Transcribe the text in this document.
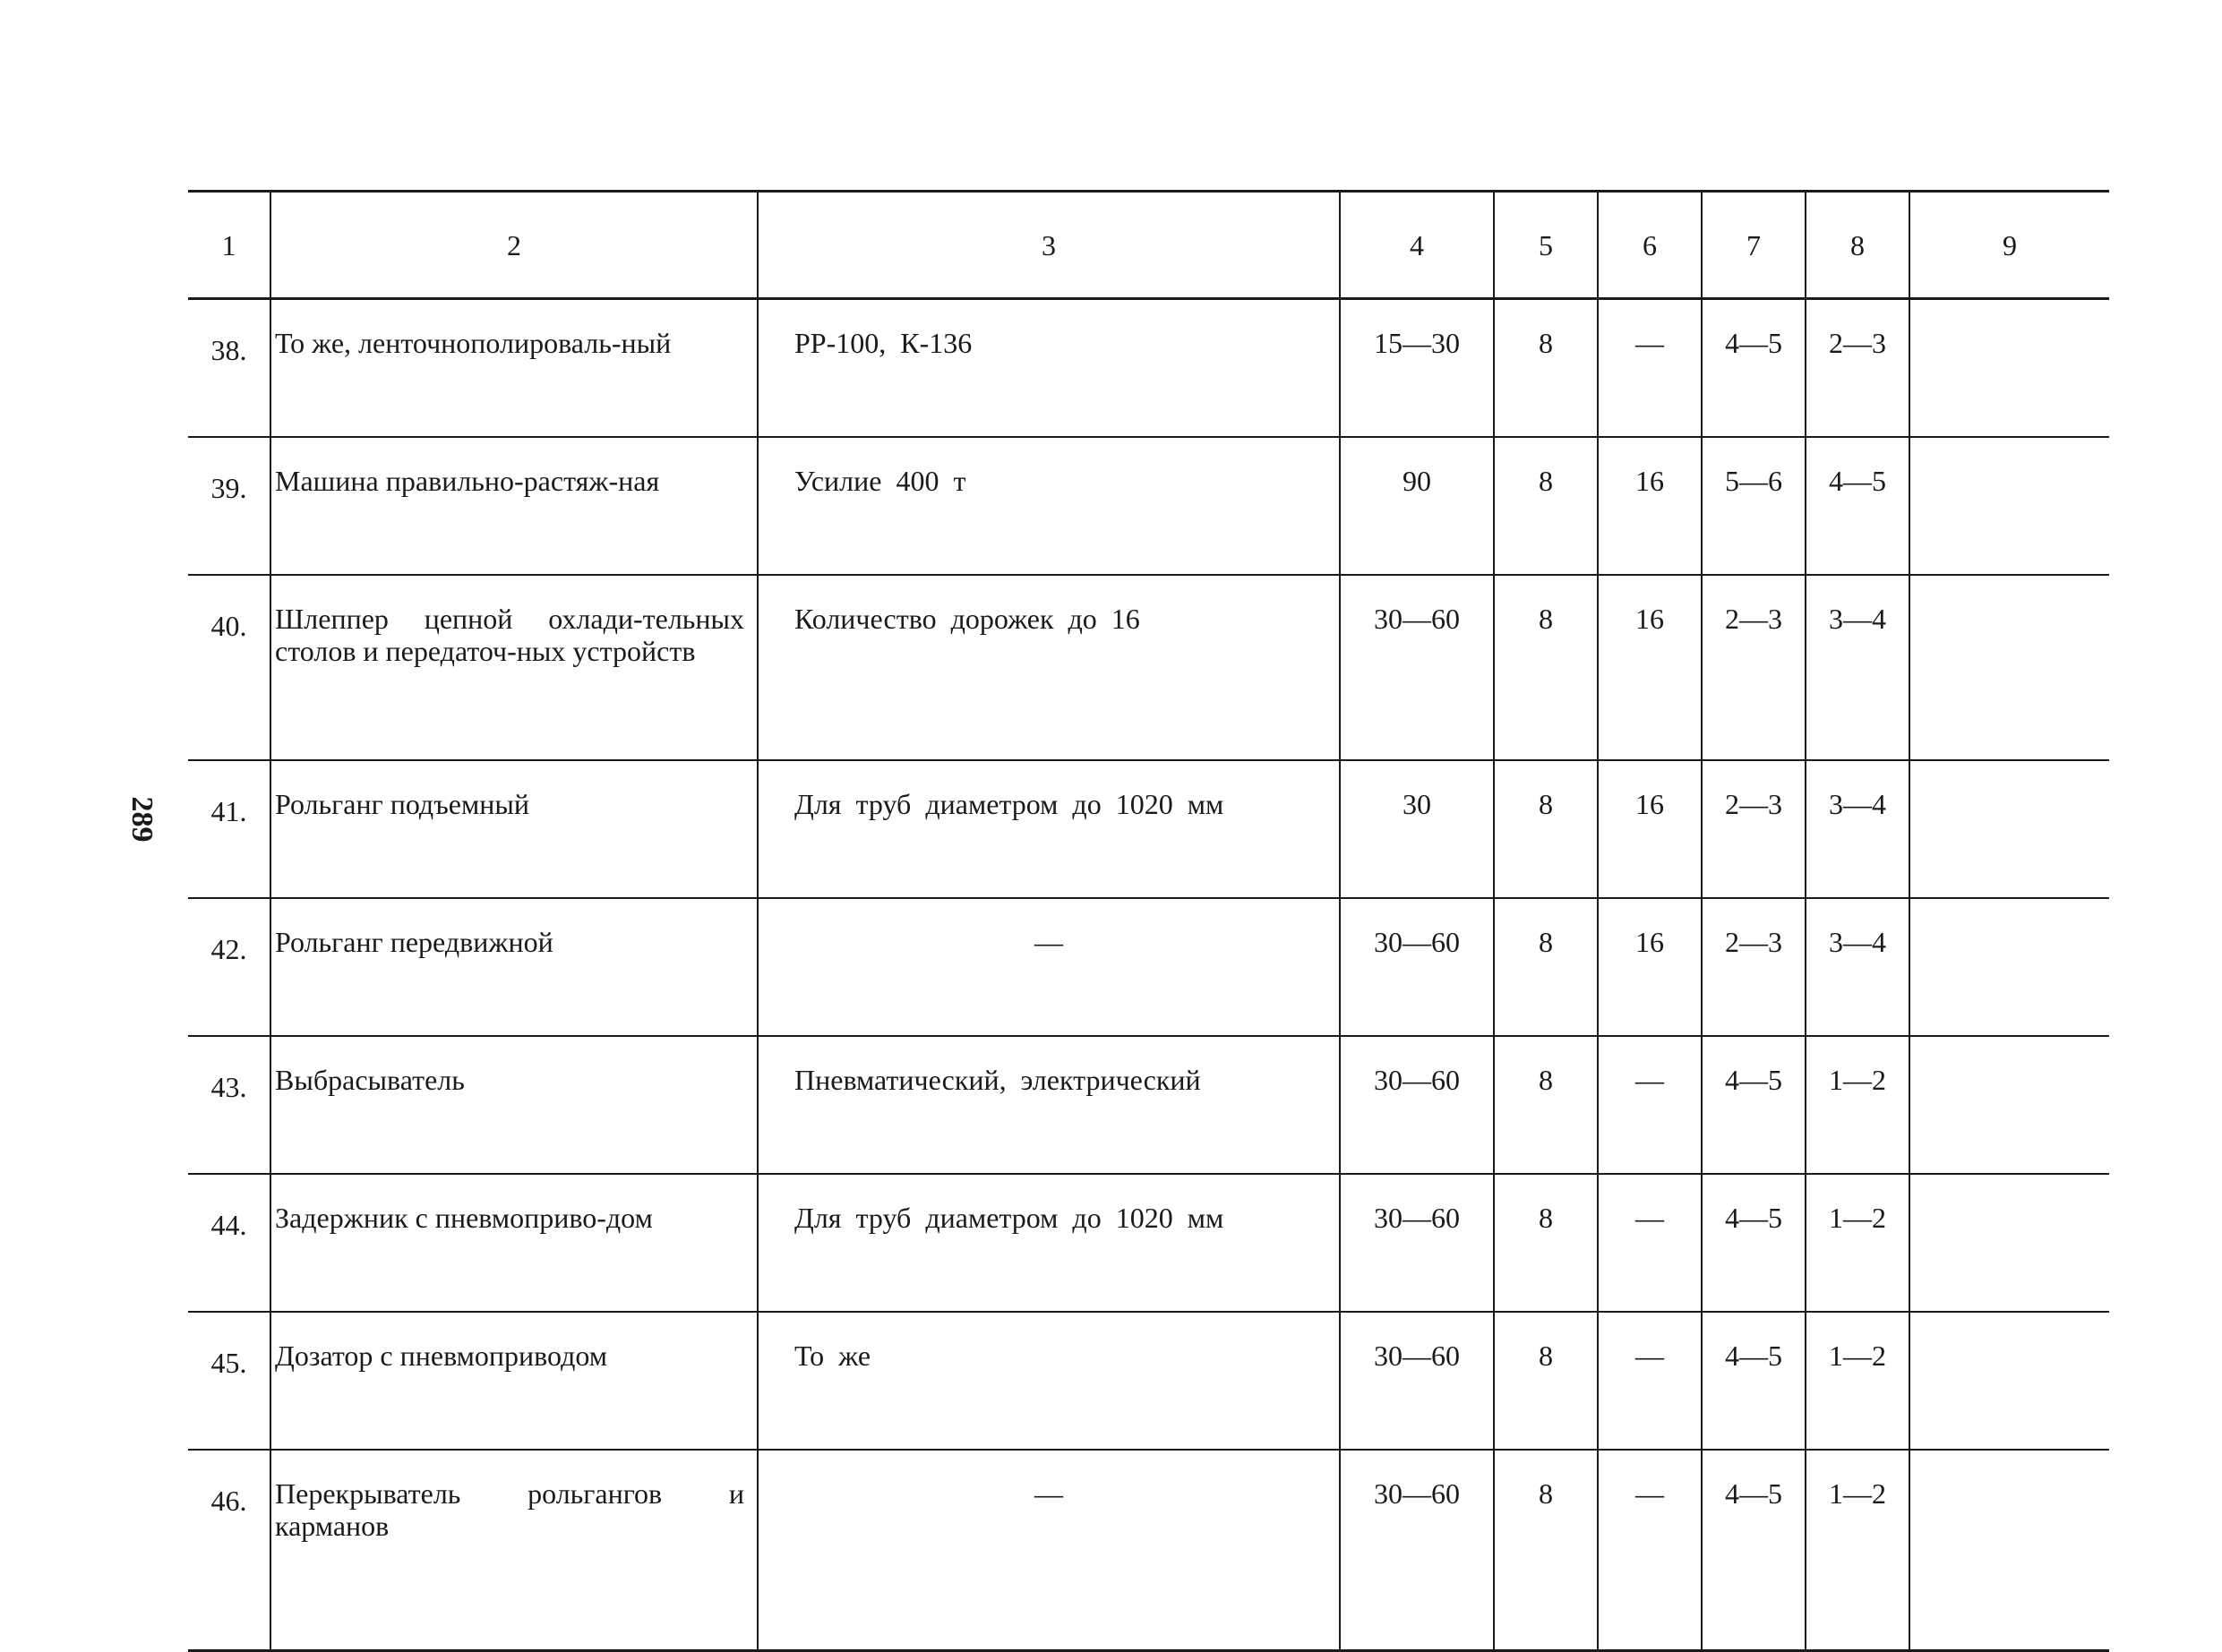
289
1	2	3	4	5	6	7	8	9
38.	То же, ленточнополироваль-ный	РР-100, К-136	15—30	8	—	4—5	2—3	
39.	Машина правильно-растяж-ная	Усилие 400 т	90	8	16	5—6	4—5	
40.	Шлеппер цепной охлади-тельных столов и передаточ-ных устройств	Количество дорожек до 16	30—60	8	16	2—3	3—4	
41.	Рольганг подъемный	Для труб диаметром до 1020 мм	30	8	16	2—3	3—4	
42.	Рольганг передвижной	—	30—60	8	16	2—3	3—4	
43.	Выбрасыватель	Пневматический, электрический	30—60	8	—	4—5	1—2	
44.	Задержник с пневмоприво-дом	Для труб диаметром до 1020 мм	30—60	8	—	4—5	1—2	
45.	Дозатор с пневмоприводом	То же	30—60	8	—	4—5	1—2	
46.	Перекрыватель рольгангов и карманов	—	30—60	8	—	4—5	1—2	
